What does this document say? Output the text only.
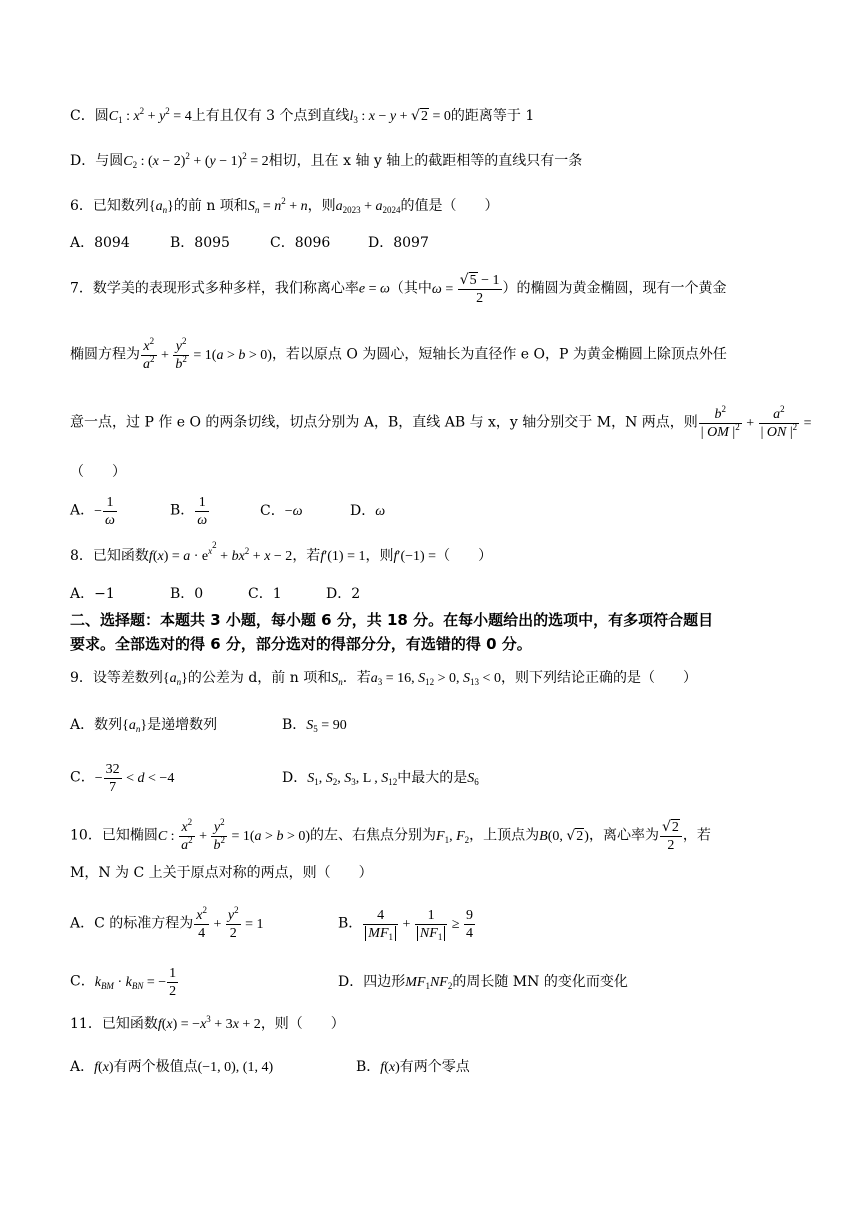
C．圆$C_1$ : $x^2 + y^2 = 4$上有且仅有 3 个点到直线$l_3$ : x − y + √2 = 0的距离等于 1
D．与圆$C_2$ : $(x - 2)^2 + (y - 1)^2 = 2$相切，且在 x 轴 y 轴上的截距相等的直线只有一条
6．已知数列$\{a_n\}$的前 n 项和$S_n = n^2 + n$，则$a_{2023} + a_{2024}$的值是（　　）
A．8094	B．8095	C．8096	D．8097
7．数学美的表现形式多种多样，我们称离心率e = ω（其中$\omega = \frac{√5 - 1}{2}$ ）的椭圆为黄金椭圆，现有一个黄金
椭圆方程为 $\frac{x^2}{a^2} + \frac{y^2}{b^2} = 1(a > b > 0)$，若以原点 O 为圆心，短轴长为直径作 e O，P 为黄金椭圆上除顶点外任
意一点，过 P 作 e O 的两条切线，切点分别为 A，B，直线 AB 与 x，y 轴分别交于 M，N 两点，则 $\frac{b^2}{| OM |^2} + \frac{a^2}{| ON |^2}$ =
（　　）
A．− $\frac{1}{\omega}$	B． $\frac{1}{\omega}$	C．−ω	D．ω
8．已知函数$f(x) = a \cdot e^{x^2} + bx^2 + x - 2$，若f′(1) = 1，则f′(−1) =（　　）
A．−1	B．0	C．1	D．2
二、选择题：本题共 3 小题，每小题 6 分，共 18 分。在每小题给出的选项中，有多项符合题目
要求。全部选对的得 6 分，部分选对的得部分分，有选错的得 0 分。
9．设等差数列$\{a_n\}$的公差为 d，前 n 项和$S_n$．若$a_3 = 16$, $S_{12} > 0$, $S_{13} < 0$，则下列结论正确的是（　　）
A．数列$\{a_n\}$是递增数列	B．$S_5 = 90$
C．− $\frac{32}{7} < d < -4$	D．$S_1$, $S_2$, $S_3$, L , $S_{12}$中最大的是$S_6$
10．已知椭圆C : $\frac{x^2}{a^2} + \frac{y^2}{b^2} = 1(a > b > 0)$的左、右焦点分别为$F_1$, $F_2$，上顶点为B(0, √2)，离心率为 $\frac{√2}{2}$ ，若
M，N 为 C 上关于原点对称的两点，则（　　）
A．C 的标准方程为 $\frac{x^2}{4} + \frac{y^2}{2} = 1$	B． $\frac{4}{MF_1} + \frac{1}{NF_1} \ge \frac{9}{4}$
C．$k_{BM} \cdot k_{BN}$ = − $\frac{1}{2}$	D．四边形$MF_1NF_2$的周长随 MN 的变化而变化
11．已知函数$f(x) = -x^3 + 3x + 2$，则（　　）
A．f(x)有两个极值点(−1, 0), (1, 4)	B．f(x)有两个零点
